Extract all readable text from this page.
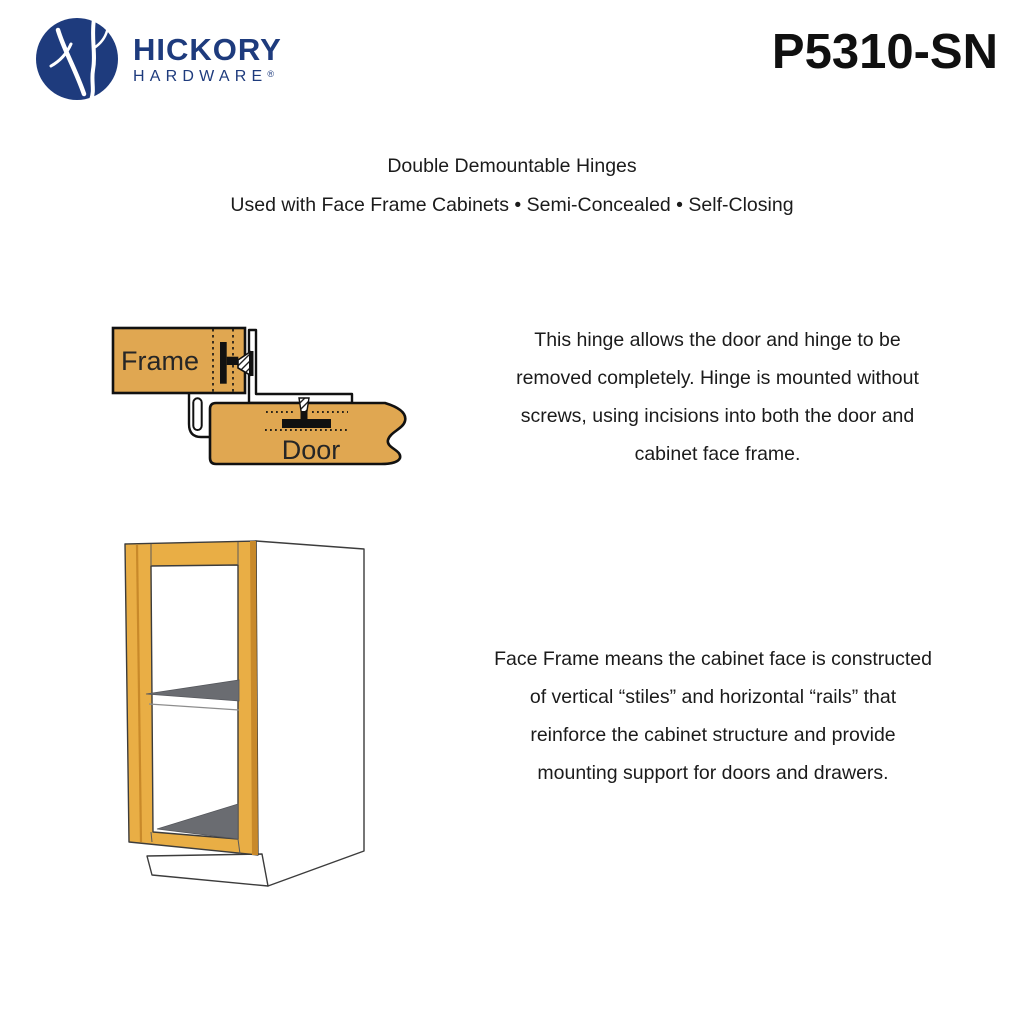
HICKORY
HARDWARE®	P5310-SN
Double Demountable Hinges
Used with Face Frame Cabinets • Semi-Concealed • Self-Closing
Frame
Door
This hinge allows the door and hinge to be
removed completely. Hinge is mounted without
screws, using incisions into both the door and
cabinet face frame.
Face Frame means the cabinet face is constructed
of vertical “stiles” and horizontal “rails” that
reinforce the cabinet structure and provide
mounting support for doors and drawers.
